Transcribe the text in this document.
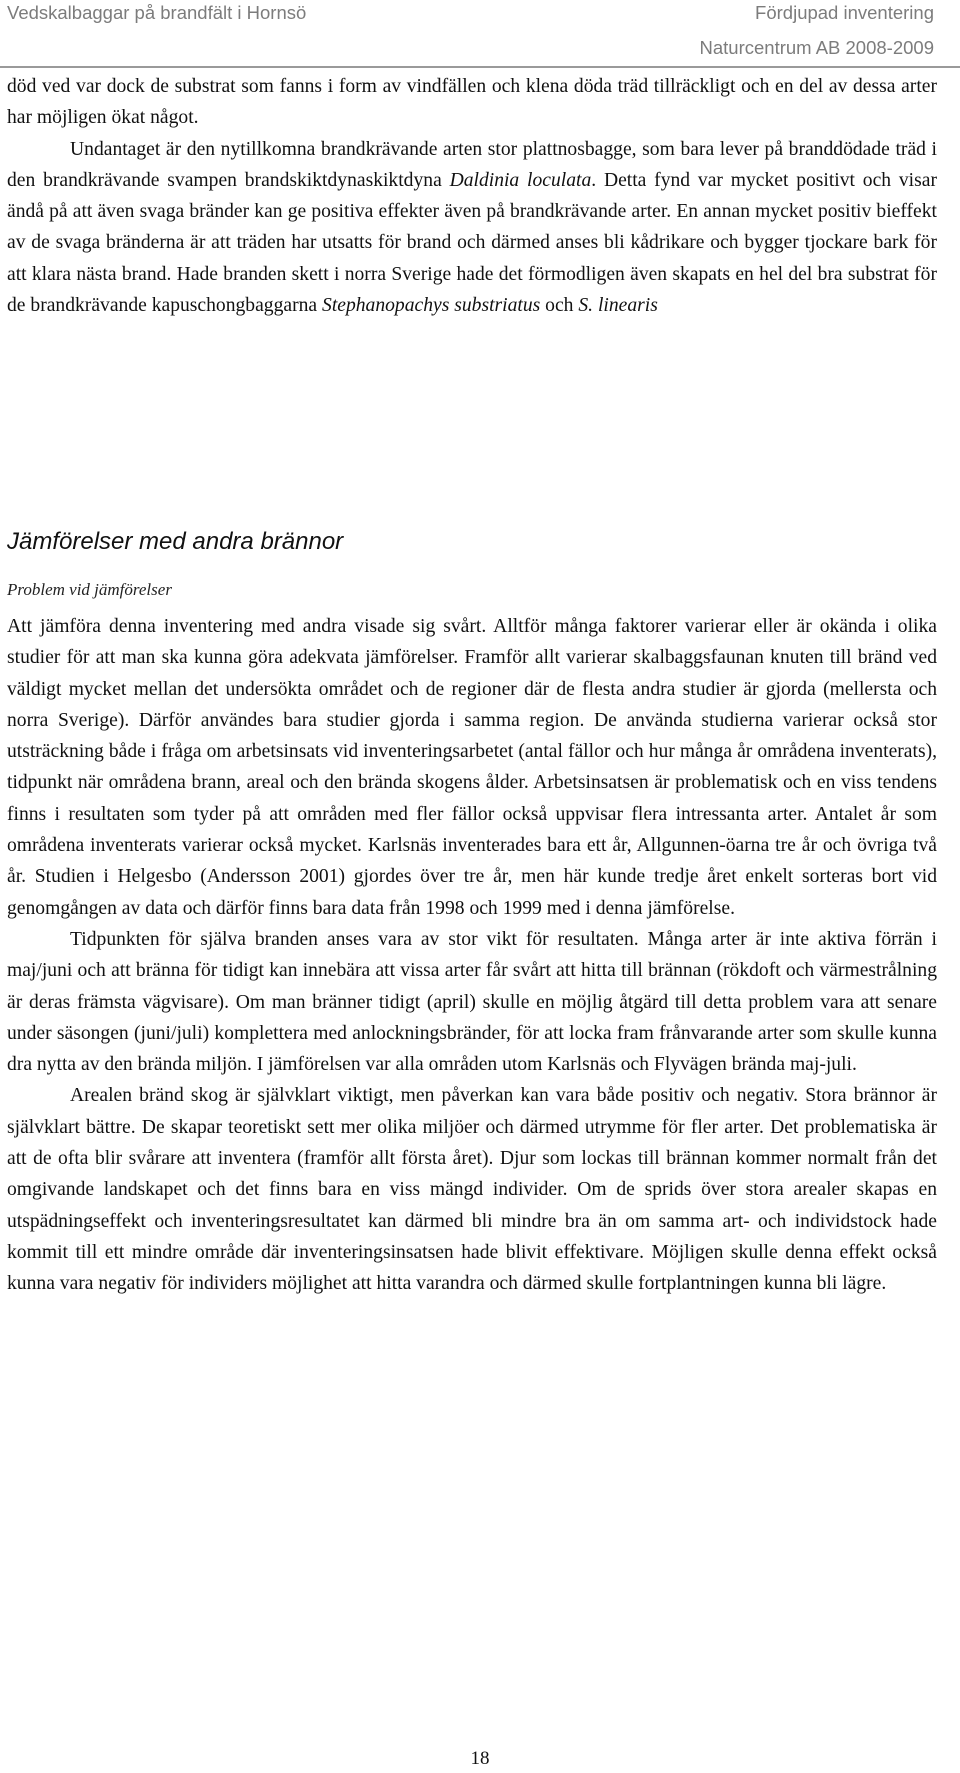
Vedskalbaggar på brandfält i Hornsö	Fördjupad inventering
Naturcentrum AB 2008-2009

död ved var dock de substrat som fanns i form av vindfällen och klena döda träd tillräckligt och en del av dessa arter har möjligen ökat något.

Undantaget är den nytillkomna brandkrävande arten stor plattnosbagge, som bara lever på branddödade träd i den brandkrävande svampen brandskiktdynaskiktdyna Daldinia loculata. Detta fynd var mycket positivt och visar ändå på att även svaga bränder kan ge positiva effekter även på brandkrävande arter. En annan mycket positiv bieffekt av de svaga bränderna är att träden har utsatts för brand och därmed anses bli kådrikare och bygger tjockare bark för att klara nästa brand. Hade branden skett i norra Sverige hade det förmodligen även skapats en hel del bra substrat för de brandkrävande kapuschongbaggarna Stephanopachys substriatus och S. linearis

Jämförelser med andra brännor
Problem vid jämförelser

Att jämföra denna inventering med andra visade sig svårt. Alltför många faktorer varierar eller är okända i olika studier för att man ska kunna göra adekvata jämförelser. Framför allt varierar skalbaggsfaunan knuten till bränd ved väldigt mycket mellan det undersökta området och de regioner där de flesta andra studier är gjorda (mellersta och norra Sverige). Därför användes bara studier gjorda i samma region. De använda studierna varierar också stor utsträckning både i fråga om arbetsinsats vid inventeringsarbetet (antal fällor och hur många år områdena inventerats), tidpunkt när områdena brann, areal och den brända skogens ålder. Arbetsinsatsen är problematisk och en viss tendens finns i resultaten som tyder på att områden med fler fällor också uppvisar flera intressanta arter. Antalet år som områdena inventerats varierar också mycket. Karlsnäs inventerades bara ett år, Allgunnen-öarna tre år och övriga två år. Studien i Helgesbo (Andersson 2001) gjordes över tre år, men här kunde tredje året enkelt sorteras bort vid genomgången av data och därför finns bara data från 1998 och 1999 med i denna jämförelse.

Tidpunkten för själva branden anses vara av stor vikt för resultaten. Många arter är inte aktiva förrän i maj/juni och att bränna för tidigt kan innebära att vissa arter får svårt att hitta till brännan (rökdoft och värmestrålning är deras främsta vägvisare). Om man bränner tidigt (april) skulle en möjlig åtgärd till detta problem vara att senare under säsongen (juni/juli) komplettera med anlockningsbränder, för att locka fram frånvarande arter som skulle kunna dra nytta av den brända miljön. I jämförelsen var alla områden utom Karlsnäs och Flyvägen brända maj-juli.

Arealen bränd skog är självklart viktigt, men påverkan kan vara både positiv och negativ. Stora brännor är självklart bättre. De skapar teoretiskt sett mer olika miljöer och därmed utrymme för fler arter. Det problematiska är att de ofta blir svårare att inventera (framför allt första året). Djur som lockas till brännan kommer normalt från det omgivande landskapet och det finns bara en viss mängd individer. Om de sprids över stora arealer skapas en utspädningseffekt och inventeringsresultatet kan därmed bli mindre bra än om samma art- och individstock hade kommit till ett mindre område där inventeringsinsatsen hade blivit effektivare. Möjligen skulle denna effekt också kunna vara negativ för individers möjlighet att hitta varandra och därmed skulle fortplantningen kunna bli lägre.

18
